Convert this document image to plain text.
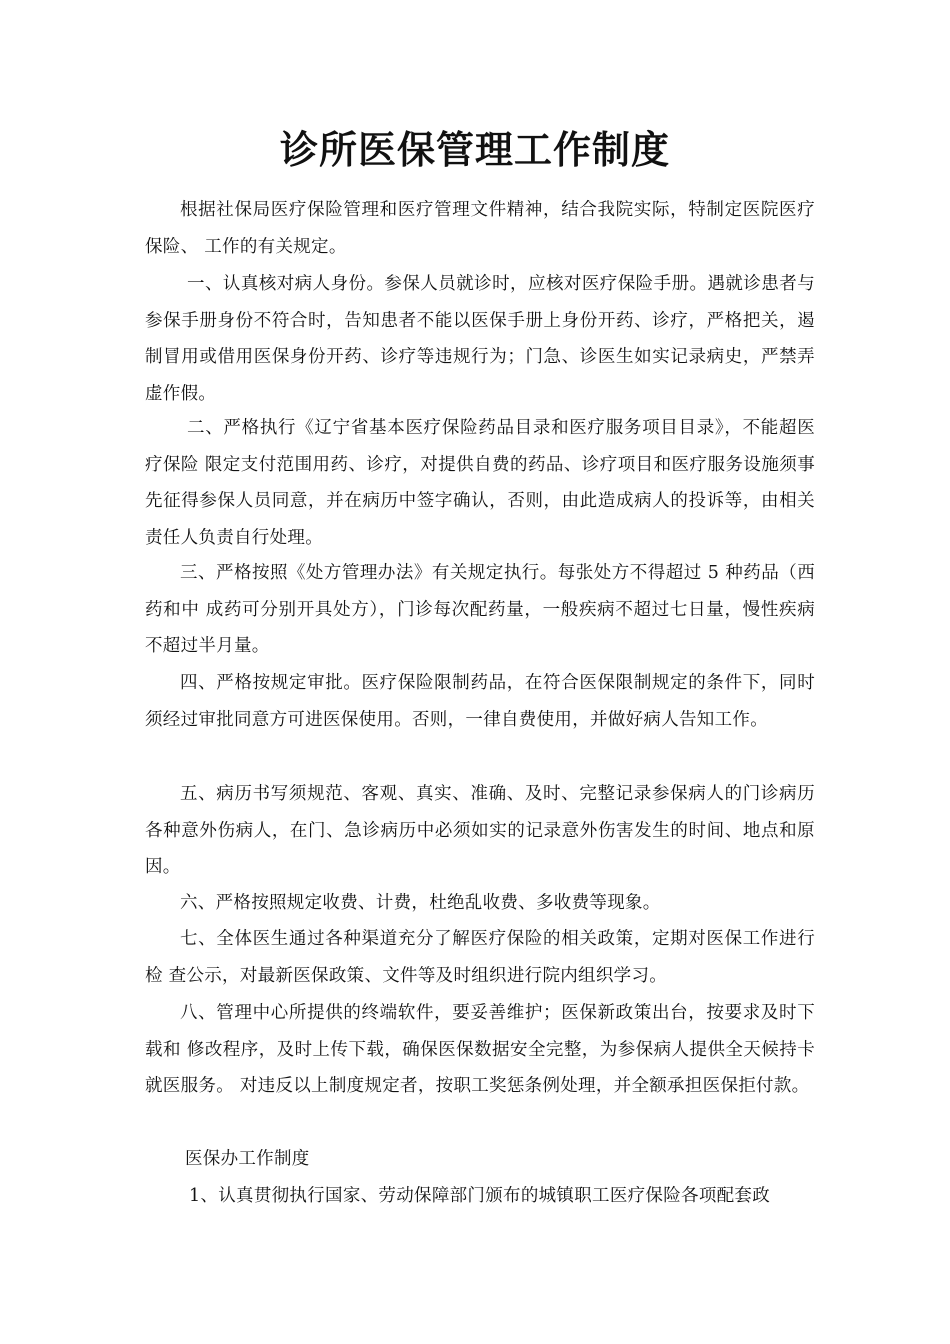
诊所医保管理工作制度

根据社保局医疗保险管理和医疗管理文件精神，结合我院实际，特制定医院医疗保险、 工作的有关规定。

一、认真核对病人身份。参保人员就诊时，应核对医疗保险手册。遇就诊患者与参保手册身份不符合时，告知患者不能以医保手册上身份开药、诊疗，严格把关，遏制冒用或借用医保身份开药、诊疗等违规行为；门急、诊医生如实记录病史，严禁弄虚作假。

二、严格执行《辽宁省基本医疗保险药品目录和医疗服务项目目录》，不能超医疗保险 限定支付范围用药、诊疗，对提供自费的药品、诊疗项目和医疗服务设施须事先征得参保人员同意，并在病历中签字确认，否则，由此造成病人的投诉等，由相关责任人负责自行处理。

三、严格按照《处方管理办法》有关规定执行。每张处方不得超过 5 种药品（西药和中 成药可分别开具处方），门诊每次配药量，一般疾病不超过七日量，慢性疾病不超过半月量。

四、严格按规定审批。医疗保险限制药品，在符合医保限制规定的条件下，同时须经过审批同意方可进医保使用。否则，一律自费使用，并做好病人告知工作。

五、病历书写须规范、客观、真实、准确、及时、完整记录参保病人的门诊病历 各种意外伤病人，在门、急诊病历中必须如实的记录意外伤害发生的时间、地点和原因。

六、严格按照规定收费、计费，杜绝乱收费、多收费等现象。

七、全体医生通过各种渠道充分了解医疗保险的相关政策，定期对医保工作进行检 查公示，对最新医保政策、文件等及时组织进行院内组织学习。

八、管理中心所提供的终端软件，要妥善维护；医保新政策出台，按要求及时下载和 修改程序，及时上传下载，确保医保数据安全完整，为参保病人提供全天候持卡就医服务。 对违反以上制度规定者，按职工奖惩条例处理，并全额承担医保拒付款。

医保办工作制度

1、认真贯彻执行国家、劳动保障部门颁布的城镇职工医疗保险各项配套政
